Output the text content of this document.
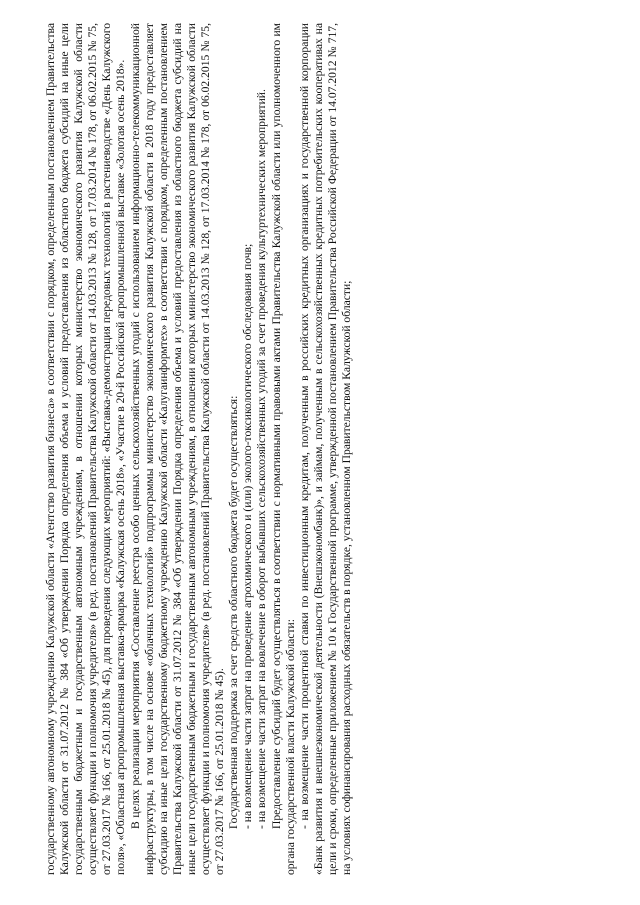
государственному автономному учреждению Калужской области «Агентство развития бизнеса» в соответствии с порядком, определенным постановлением Правительства Калужской области от 31.07.2012 № 384 «Об утверждении Порядка определения объема и условий предоставления из областного бюджета субсидий на иные цели государственным бюджетным и государственным автономным учреждениям, в отношении которых министерство экономического развития Калужской области осуществляет функции и полномочия учредителя» (в ред. постановлений Правительства Калужской области от 14.03.2013 № 128, от 17.03.2014 № 178, от 06.02.2015 № 75, от 27.03.2017 № 166, от 25.01.2018 № 45), для проведения следующих мероприятий: «Выставка-демонстрация передовых технологий в растениеводстве «День Калужского поля», «Областная агропромышленная выставка-ярмарка «Калужская осень 2018», «Участие в 20-й Российской агропромышленной выставке «Золотая осень 2018». В целях реализации мероприятия «Составление реестра особо ценных сельскохозяйственных угодий с использованием информационно-телекоммуникационной инфраструктуры, в том числе на основе «облачных технологий» подпрограммы министерство экономического развития Калужской области в 2018 году предоставляет субсидию на иные цели государственному бюджетному учреждению Калужской области «Калугаинформтех» в соответствии с порядком, определенным постановлением Правительства Калужской области от 31.07.2012 № 384 «Об утверждении Порядка определения объема и условий предоставления из областного бюджета субсидий на иные цели государственным бюджетным и государственным автономным учреждениям, в отношении которых министерство экономического развития Калужской области осуществляет функции и полномочия учредителя» (в ред. постановлений Правительства Калужской области от 14.03.2013 № 128, от 17.03.2014 № 178, от 06.02.2015 № 75, от 27.03.2017 № 166, от 25.01.2018 № 45). Государственная поддержка за счет средств областного бюджета будет осуществляться: - на возмещение части затрат на проведение агрохимического и (или) эколого-токсикологического обследования почв; - на возмещение части затрат на вовлечение в оборот выбывших сельскохозяйственных угодий за счет проведения культуртехнических мероприятий. Предоставление субсидий будет осуществляться в соответствии с нормативными правовыми актами Правительства Калужской области или уполномоченного им органа государственной власти Калужской области: - на возмещение части процентной ставки по инвестиционным кредитам, полученным в российских кредитных организациях и государственной корпорации «Банк развития и внешнеэкономической деятельности (Внешэкономбанк)», и займам, полученным в сельскохозяйственных кредитных потребительских кооперативах на цели и сроки, определенные приложением № 10 к Государственной программе, утвержденной постановлением Правительства Российской Федерации от 14.07.2012 № 717, на условиях софинансирования расходных обязательств в порядке, установленном Правительством Калужской области;
